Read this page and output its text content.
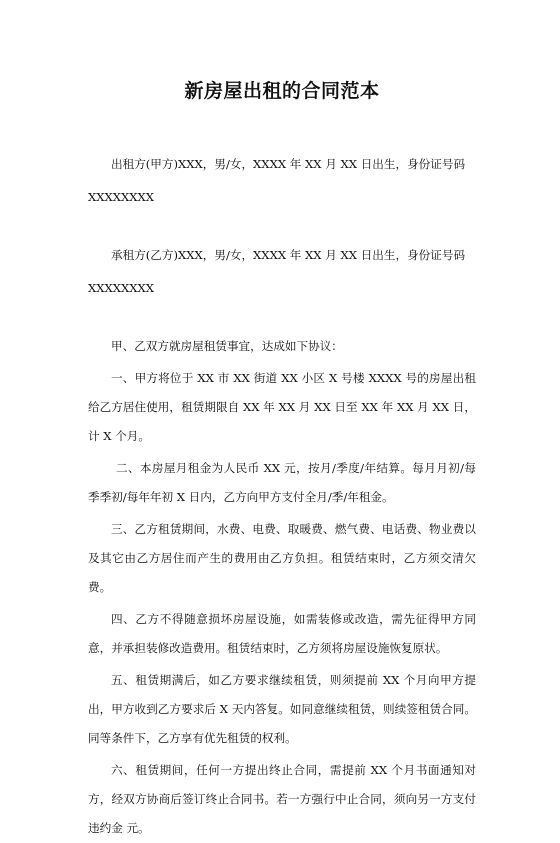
新房屋出租的合同范本

出租方(甲方)XXX，男/女，XXXX 年 XX 月 XX 日出生，身份证号码 XXXXXXXX

承租方(乙方)XXX，男/女，XXXX 年 XX 月 XX 日出生，身份证号码 XXXXXXXX

甲、乙双方就房屋租赁事宜，达成如下协议：

一、甲方将位于 XX 市 XX 街道 XX 小区 X 号楼 XXXX 号的房屋出租给乙方居住使用，租赁期限自 XX 年 XX 月 XX 日至 XX 年 XX 月 XX 日，计 X 个月。

二、本房屋月租金为人民币 XX 元，按月/季度/年结算。每月月初/每季季初/每年年初 X 日内，乙方向甲方支付全月/季/年租金。

三、乙方租赁期间，水费、电费、取暖费、燃气费、电话费、物业费以及其它由乙方居住而产生的费用由乙方负担。租赁结束时，乙方须交清欠费。

四、乙方不得随意损坏房屋设施，如需装修或改造，需先征得甲方同意，并承担装修改造费用。租赁结束时，乙方须将房屋设施恢复原状。

五、租赁期满后，如乙方要求继续租赁，则须提前 XX 个月向甲方提出，甲方收到乙方要求后 X 天内答复。如同意继续租赁，则续签租赁合同。同等条件下，乙方享有优先租赁的权利。

六、租赁期间，任何一方提出终止合同，需提前 XX 个月书面通知对方，经双方协商后签订终止合同书。若一方强行中止合同，须向另一方支付违约金 元。
